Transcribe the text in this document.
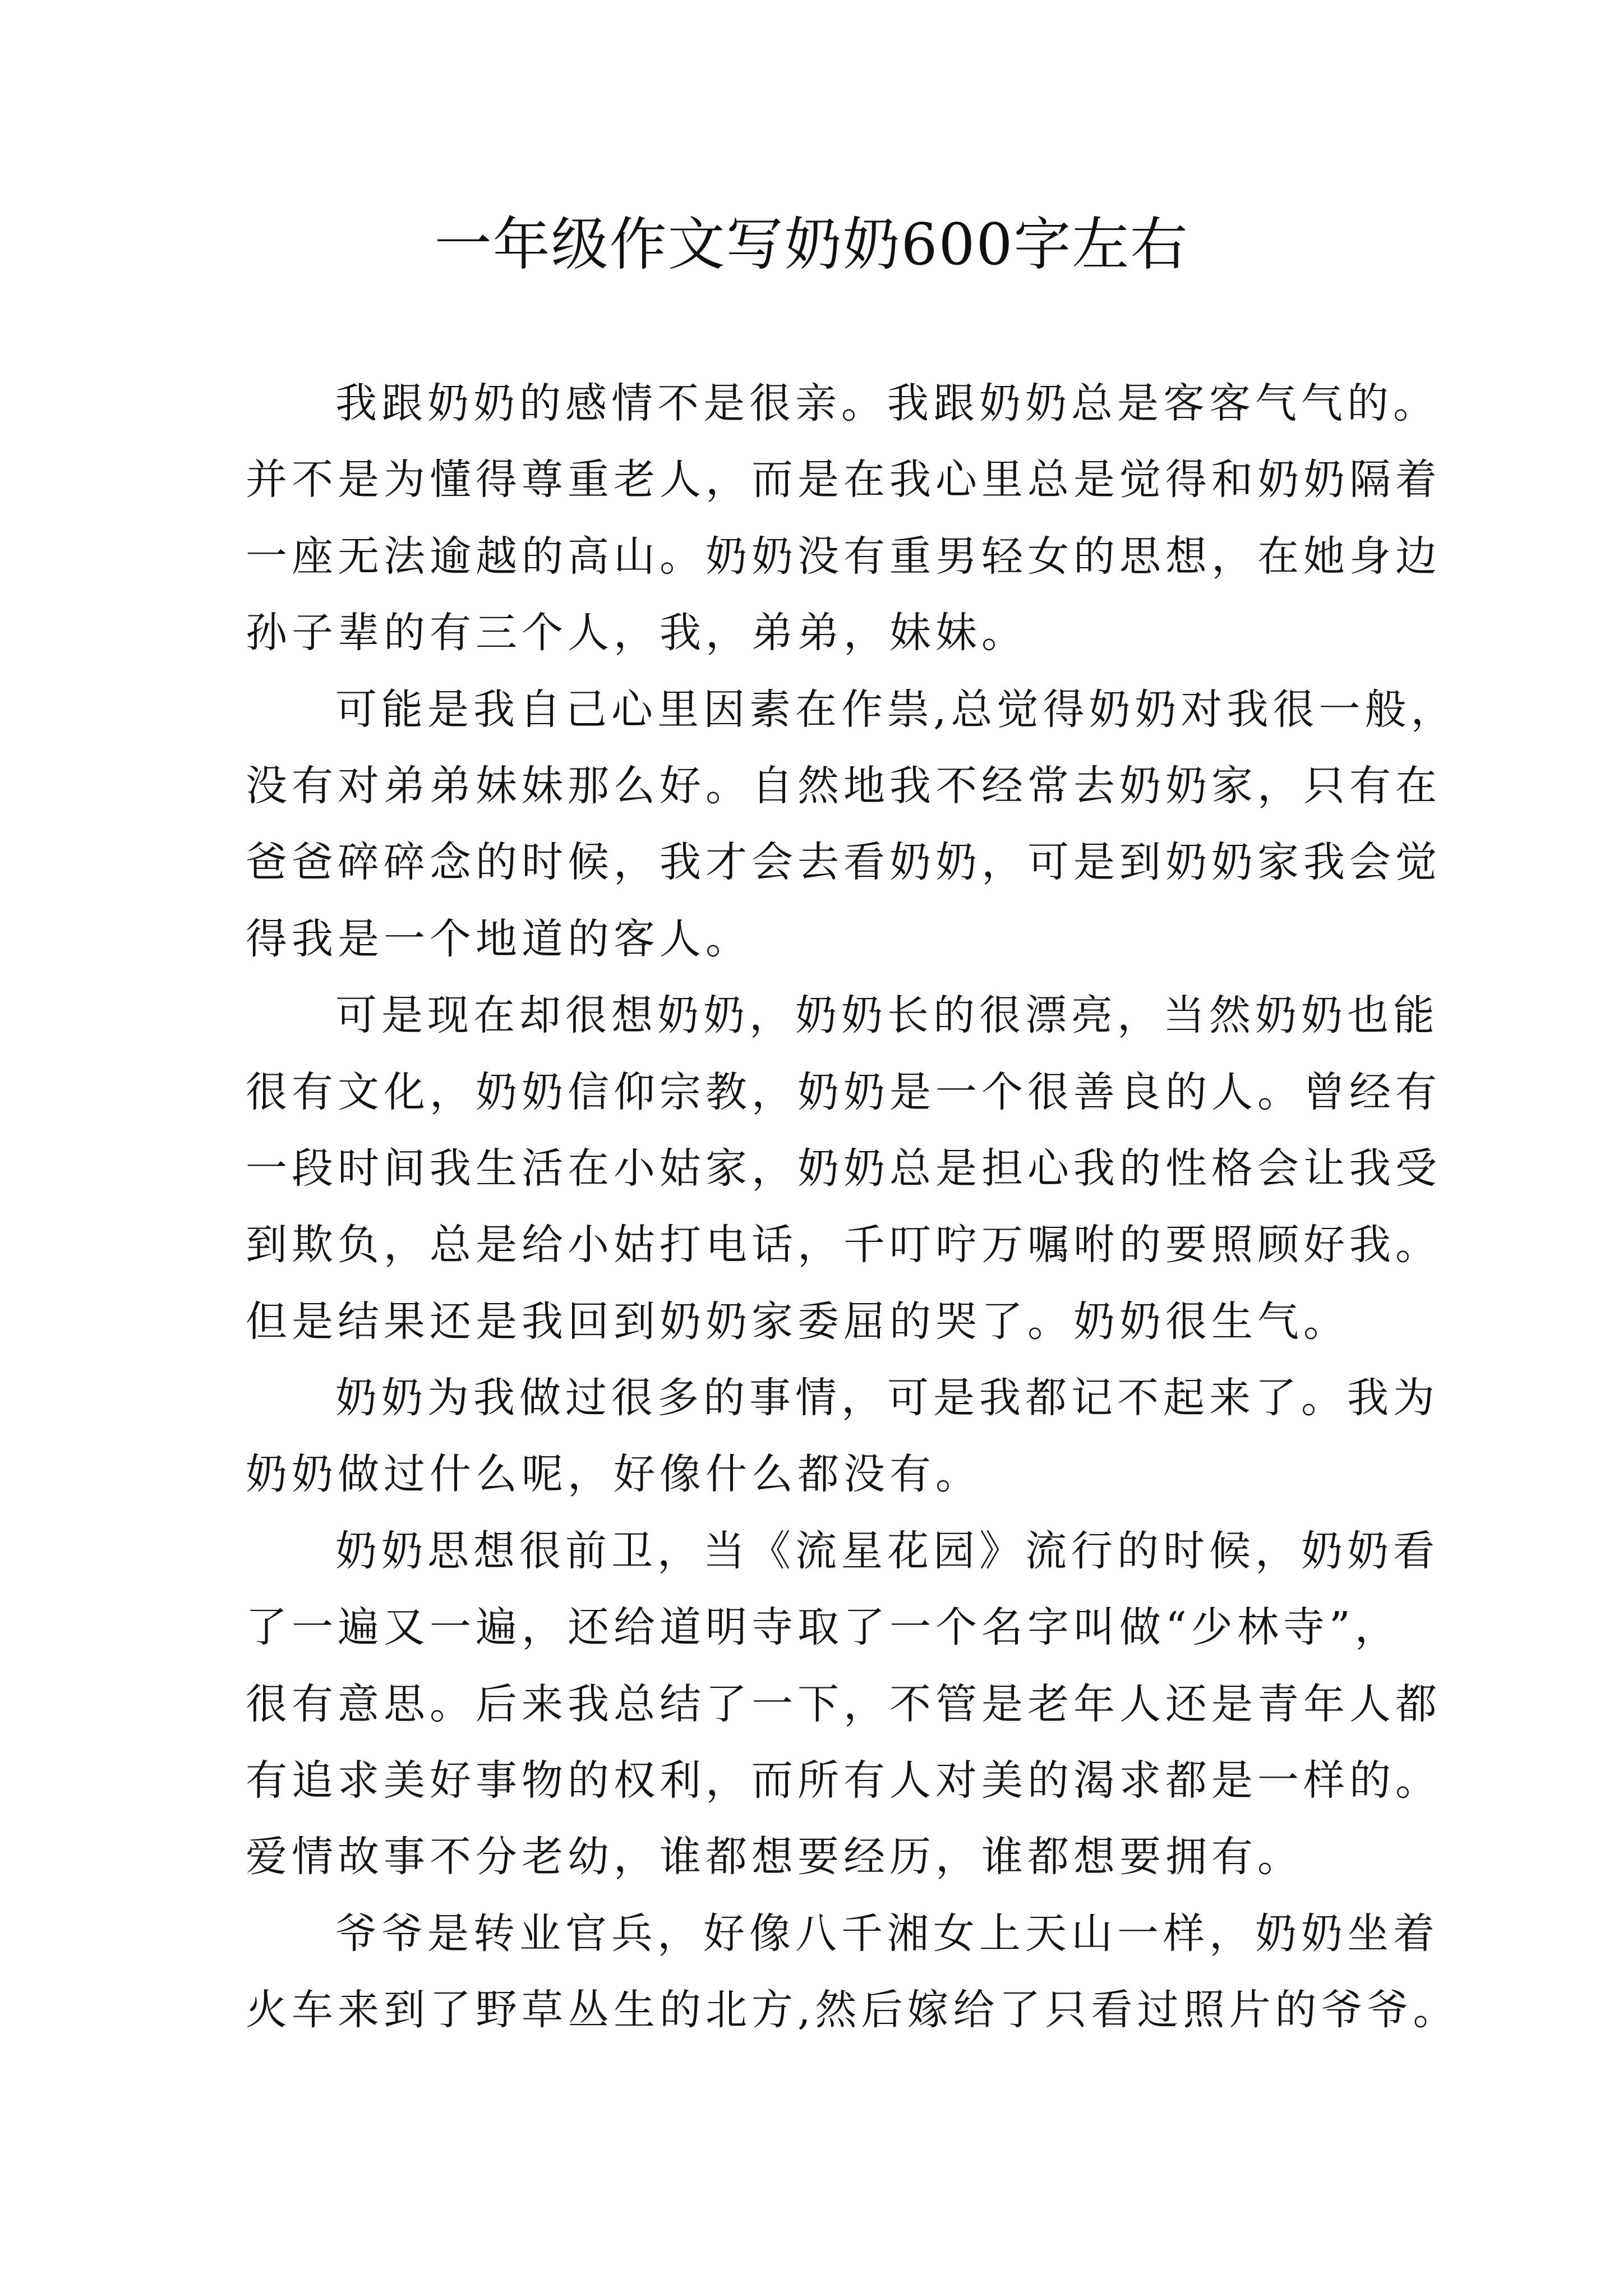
一年级作文写奶奶600字左右
我跟奶奶的感情不是很亲。我跟奶奶总是客客气气的。
并不是为懂得尊重老人，而是在我心里总是觉得和奶奶隔着
一座无法逾越的高山。奶奶没有重男轻女的思想，在她身边
孙子辈的有三个人，我，弟弟，妹妹。
可能是我自己心里因素在作祟,总觉得奶奶对我很一般，
没有对弟弟妹妹那么好。自然地我不经常去奶奶家，只有在
爸爸碎碎念的时候，我才会去看奶奶，可是到奶奶家我会觉
得我是一个地道的客人。
可是现在却很想奶奶，奶奶长的很漂亮，当然奶奶也能
很有文化，奶奶信仰宗教，奶奶是一个很善良的人。曾经有
一段时间我生活在小姑家，奶奶总是担心我的性格会让我受
到欺负，总是给小姑打电话，千叮咛万嘱咐的要照顾好我。
但是结果还是我回到奶奶家委屈的哭了。奶奶很生气。
奶奶为我做过很多的事情，可是我都记不起来了。我为
奶奶做过什么呢，好像什么都没有。
奶奶思想很前卫，当《流星花园》流行的时候，奶奶看
了一遍又一遍，还给道明寺取了一个名字叫做“少林寺”，
很有意思。后来我总结了一下，不管是老年人还是青年人都
有追求美好事物的权利，而所有人对美的渴求都是一样的。
爱情故事不分老幼，谁都想要经历，谁都想要拥有。
爷爷是转业官兵，好像八千湘女上天山一样，奶奶坐着
火车来到了野草丛生的北方,然后嫁给了只看过照片的爷爷。
